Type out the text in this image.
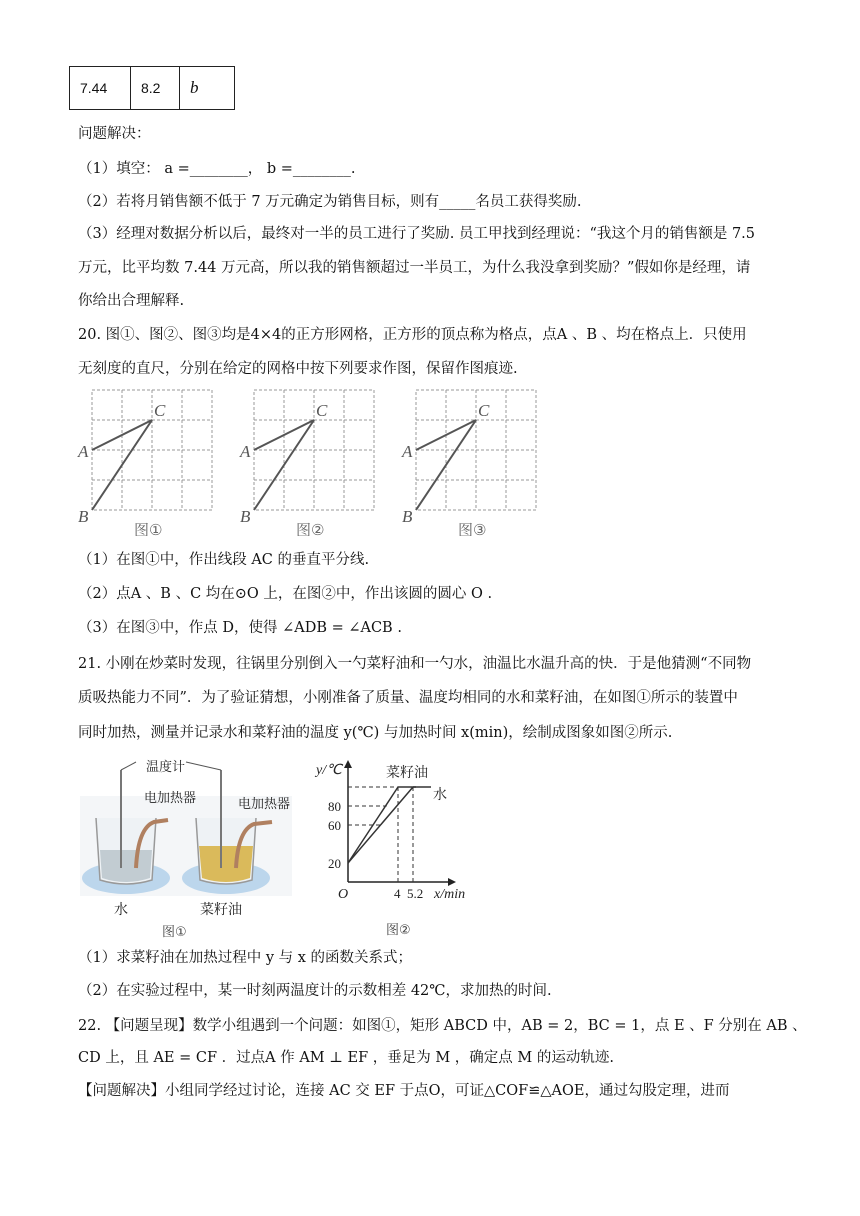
7.44	8.2	b
问题解决：
（1）填空： a =________， b =________.
（2）若将月销售额不低于 7 万元确定为销售目标，则有_____名员工获得奖励.
（3）经理对数据分析以后，最终对一半的员工进行了奖励. 员工甲找到经理说：“我这个月的销售额是 7.5
万元，比平均数 7.44 万元高，所以我的销售额超过一半员工，为什么我没拿到奖励？”假如你是经理，请
你给出合理解释.
20. 图①、图②、图③均是4×4的正方形网格，正方形的顶点称为格点，点A 、B 、均在格点上．只使用
无刻度的直尺，分别在给定的网格中按下列要求作图，保留作图痕迹.
A
B
C
图①
A
B
C
图②
A
B
C
图③
（1）在图①中，作出线段 AC 的垂直平分线.
（2）点A 、B 、C 均在⊙O 上，在图②中，作出该圆的圆心 O .
（3）在图③中，作点 D，使得 ∠ADB = ∠ACB .
21. 小刚在炒菜时发现，往锅里分别倒入一勺菜籽油和一勺水，油温比水温升高的快．于是他猜测“不同物
质吸热能力不同”．为了验证猜想，小刚准备了质量、温度均相同的水和菜籽油，在如图①所示的装置中
同时加热，测量并记录水和菜籽油的温度 y(℃) 与加热时间 x(min)，绘制成图象如图②所示.
温度计
电加热器	电加热器
水	菜籽油
图①
y/℃
x/min
O
图②
菜籽油
水
20
60
80
4 5.2
（1）求菜籽油在加热过程中 y 与 x 的函数关系式；
（2）在实验过程中，某一时刻两温度计的示数相差 42℃，求加热的时间.
22. 【问题呈现】数学小组遇到一个问题：如图①，矩形 ABCD 中，AB = 2，BC = 1，点 E 、F 分别在 AB 、
CD 上，且 AE = CF ．过点A 作 AM ⊥ EF ，垂足为 M ，确定点 M 的运动轨迹.
【问题解决】小组同学经过讨论，连接 AC 交 EF 于点O，可证△COF≌△AOE，通过勾股定理，进而
